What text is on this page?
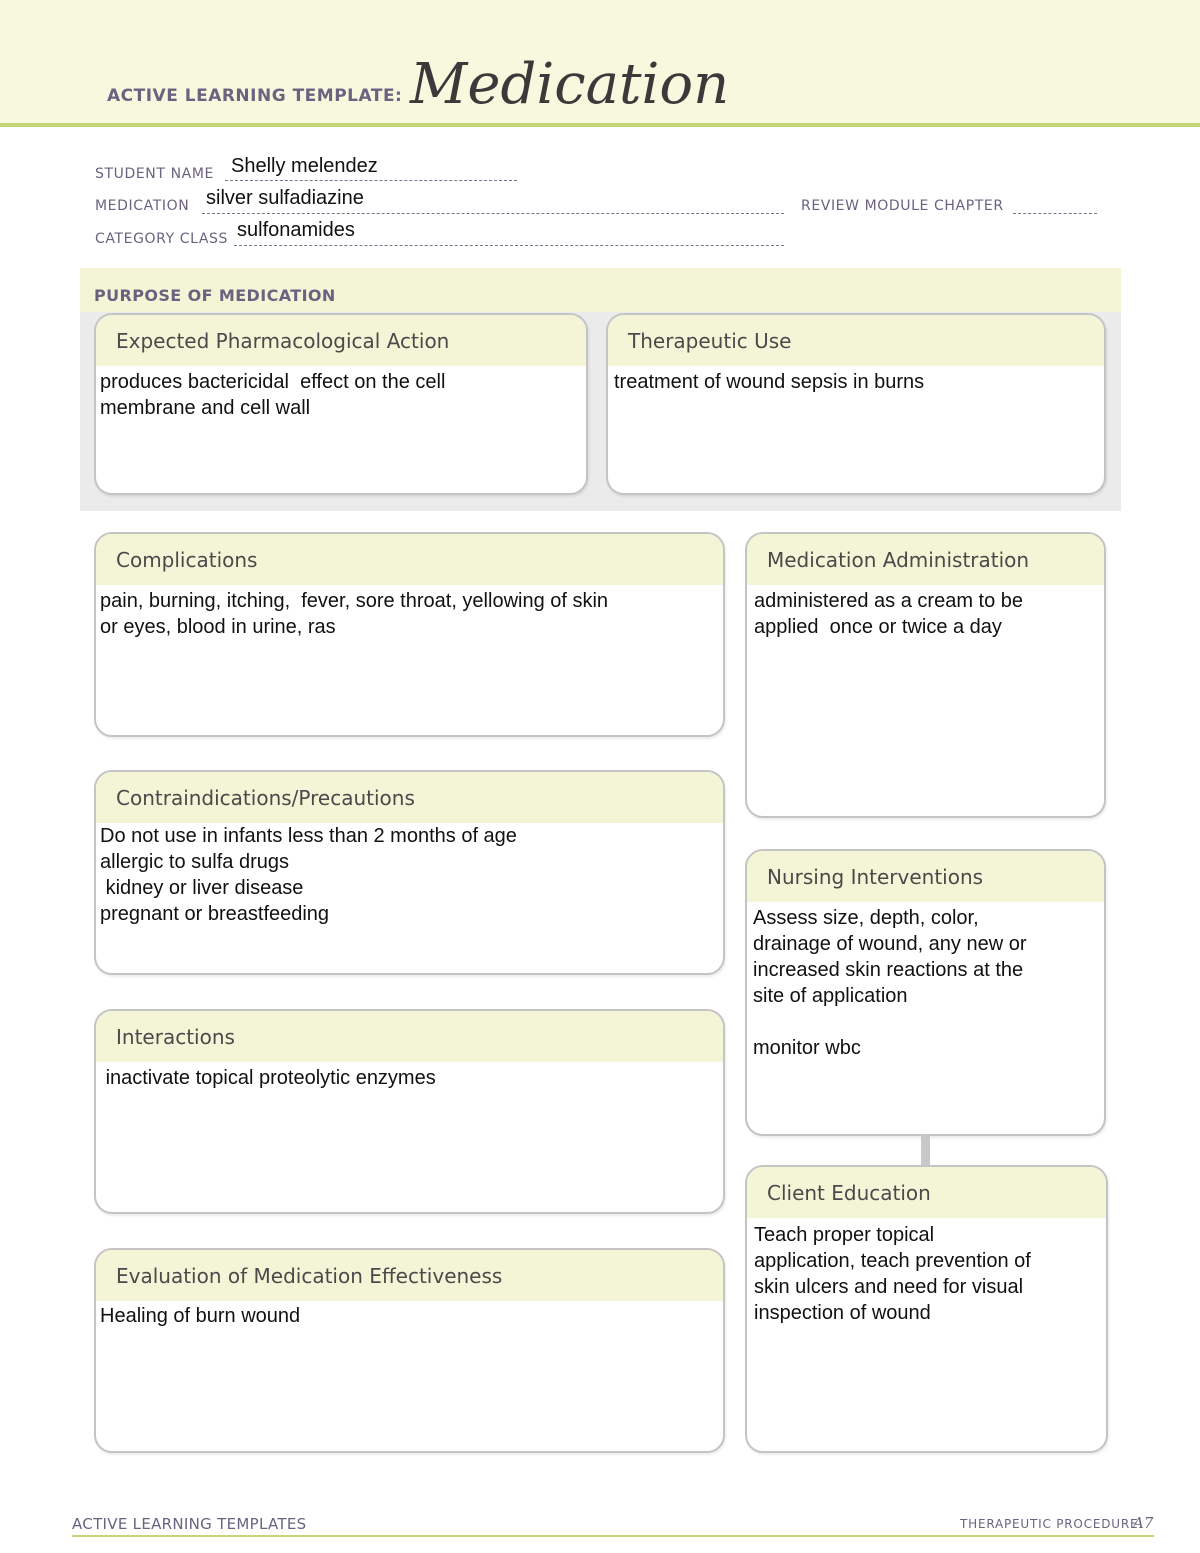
ACTIVE LEARNING TEMPLATE: Medication
STUDENT NAME Shelly melendez
MEDICATION silver sulfadiazine	REVIEW MODULE CHAPTER
CATEGORY CLASS sulfonamides
PURPOSE OF MEDICATION
Expected Pharmacological Action
produces bactericidal  effect on the cell
membrane and cell wall
Therapeutic Use
treatment of wound sepsis in burns
Complications
pain, burning, itching,  fever, sore throat, yellowing of skin
or eyes, blood in urine, ras
Contraindications/Precautions
Do not use in infants less than 2 months of age
allergic to sulfa drugs
kidney or liver disease
pregnant or breastfeeding
Interactions
inactivate topical proteolytic enzymes
Evaluation of Medication Effectiveness
Healing of burn wound
Medication Administration
administered as a cream to be
applied  once or twice a day
Nursing Interventions
Assess size, depth, color,
drainage of wound, any new or
increased skin reactions at the
site of application

monitor wbc
Client Education
Teach proper topical
application, teach prevention of
skin ulcers and need for visual
inspection of wound
ACTIVE LEARNING TEMPLATES	THERAPEUTIC PROCEDURE
A7
